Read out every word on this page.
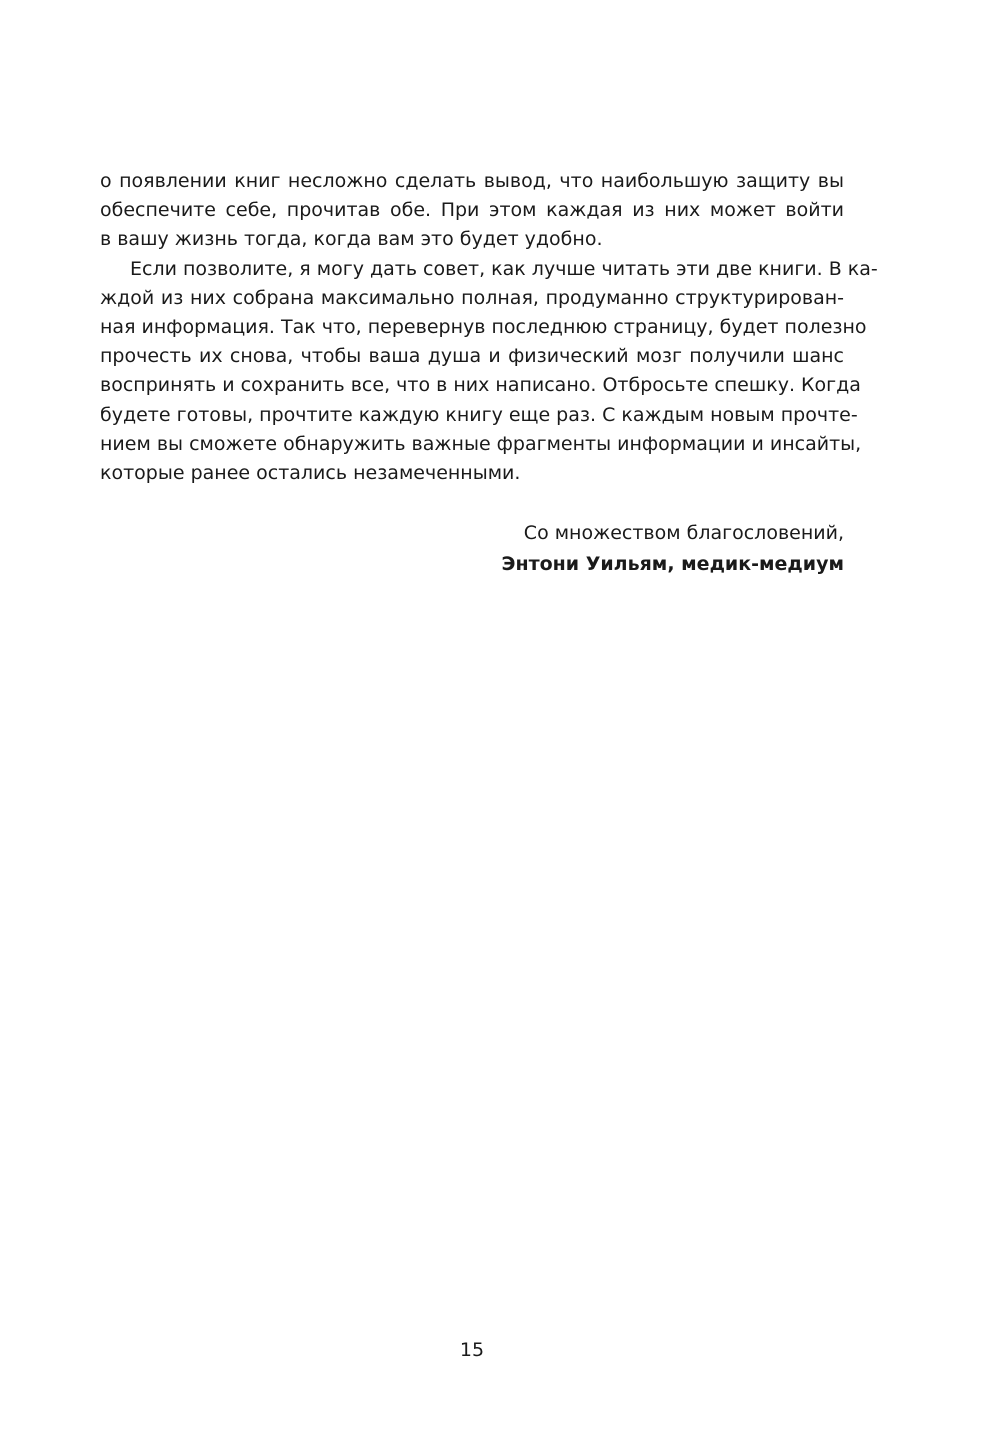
о появлении книг несложно сделать вывод, что наибольшую защиту вы
обеспечите себе, прочитав обе. При этом каждая из них может войти
в вашу жизнь тогда, когда вам это будет удобно.
Если позволите, я могу дать совет, как лучше читать эти две книги. В ка-
ждой из них собрана максимально полная, продуманно структурирован-
ная информация. Так что, перевернув последнюю страницу, будет полезно
прочесть их снова, чтобы ваша душа и физический мозг получили шанс
воспринять и сохранить все, что в них написано. Отбросьте спешку. Когда
будете готовы, прочтите каждую книгу еще раз. С каждым новым прочте-
нием вы сможете обнаружить важные фрагменты информации и инсайты,
которые ранее остались незамеченными.
Со множеством благословений,
Энтони Уильям, медик-медиум
15
